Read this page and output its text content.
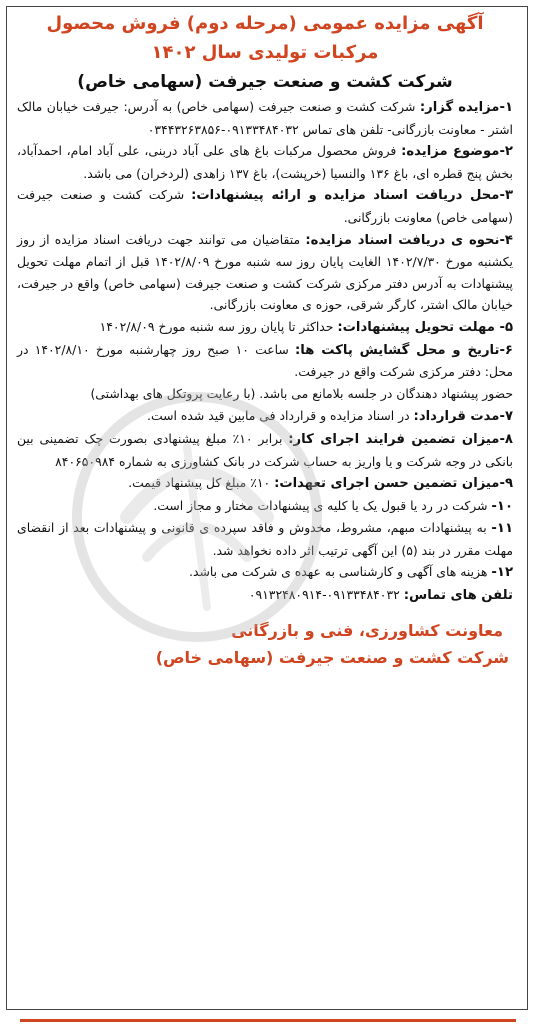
آگهی مزایده عمومی (مرحله دوم) فروش محصول
مرکبات تولیدی سال ۱۴۰۲
شرکت کشت و صنعت جیرفت (سهامی خاص)

۱-مزایده گزار: شرکت کشت و صنعت جیرفت (سهامی خاص) به آدرس: جیرفت خیابان مالک اشتر - معاونت بازرگانی- تلفن های تماس ۰۹۱۳۳۴۸۴۰۳۲-۰۳۴۴۳۲۶۳۸۵۶

۲-موضوع مزایده: فروش محصول مرکبات باغ های علی آباد دربنی، علی آباد امام، احمدآباد، بخش پنج قطره ای، باغ ۱۳۶ والنسیا (خرپشت)، باغ ۱۳۷ زاهدی (لردخران) می باشد.

۳-محل دریافت اسناد مزایده و ارائه پیشنهادات: شرکت کشت و صنعت جیرفت (سهامی خاص) معاونت بازرگانی.

۴-نحوه ی دریافت اسناد مزایده: متقاضیان می توانند جهت دریافت اسناد مزایده از روز یکشنبه مورخ ۱۴۰۲/۷/۳۰ الغایت پایان روز سه شنبه مورخ ۱۴۰۲/۸/۰۹ قبل از اتمام مهلت تحویل پیشنهادات به آدرس دفتر مرکزی شرکت کشت و صنعت جیرفت (سهامی خاص) واقع در جیرفت، خیابان مالک اشتر، کارگر شرقی، حوزه ی معاونت بازرگانی.

۵- مهلت تحویل پیشنهادات: حداکثر تا پایان روز سه شنبه مورخ ۱۴۰۲/۸/۰۹

۶-تاریخ و محل گشایش پاکت ها: ساعت ۱۰ صبح روز چهارشنبه مورخ ۱۴۰۲/۸/۱۰ در محل: دفتر مرکزی شرکت واقع در جیرفت.

حضور پیشنهاد دهندگان در جلسه بلامانع می باشد. (با رعایت پروتکل های بهداشتی)

۷-مدت قرارداد: در اسناد مزایده و قرارداد فی مابین قید شده است.

۸-میزان تضمین فرایند اجرای کار: برابر ۱۰٪ مبلغ پیشنهادی بصورت چک تضمینی بین بانکی در وجه شرکت و یا واریز به حساب شرکت در بانک کشاورزی به شماره ۸۴۰۶۵۰۹۸۴

۹-میزان تضمین حسن اجرای تعهدات: ۱۰٪ مبلغ کل پیشنهاد قیمت.

۱۰- شرکت در رد یا قبول یک یا کلیه ی پیشنهادات مختار و مجاز است.

۱۱- به پیشنهادات مبهم، مشروط، مخدوش و فاقد سپرده ی قانونی و پیشنهادات بعد از انقضای مهلت مقرر در بند (۵) این آگهی ترتیب اثر داده نخواهد شد.

۱۲- هزینه های آگهی و کارشناسی به عهده ی شرکت می باشد.

تلفن های تماس: ۰۹۱۳۳۴۸۴۰۳۲-۰۹۱۳۲۴۸۰۹۱۴
معاونت کشاورزی، فنی و بازرگانی
شرکت کشت و صنعت جیرفت (سهامی خاص)
